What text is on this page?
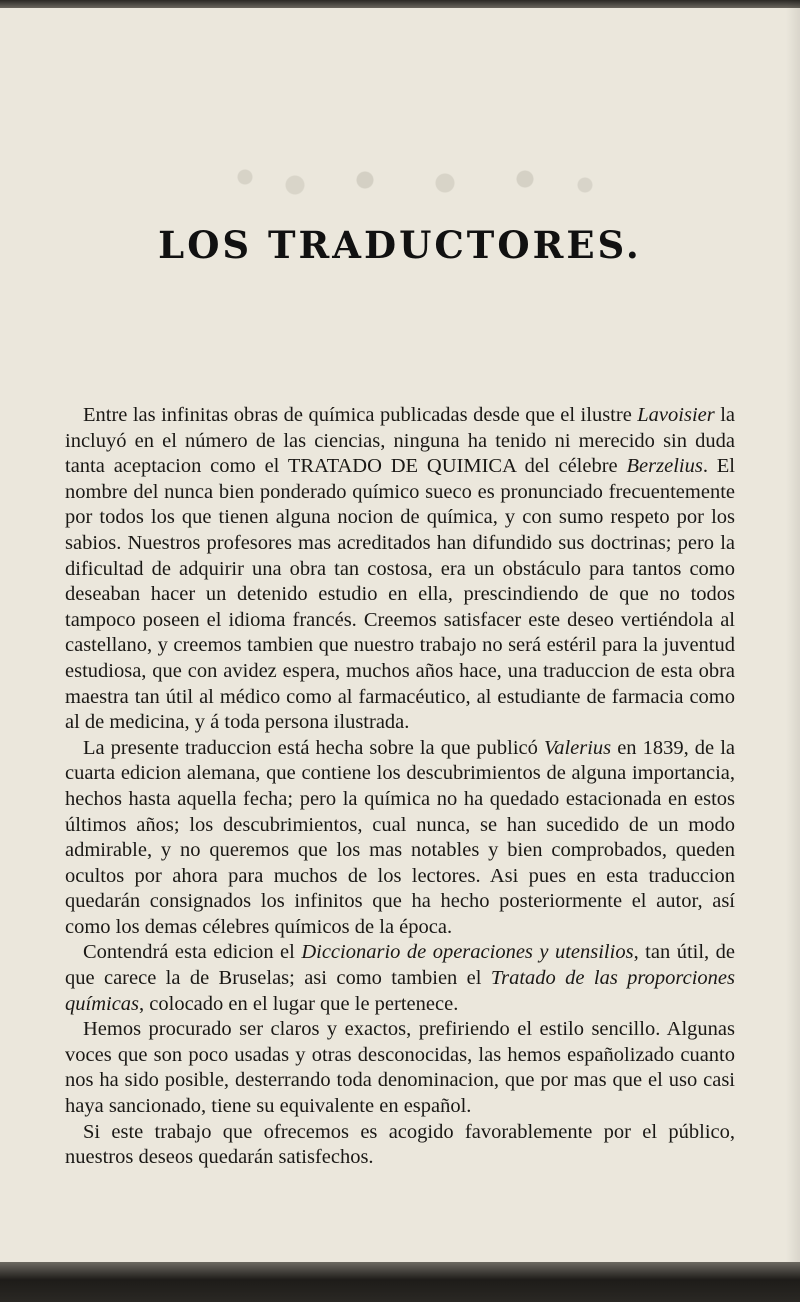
LOS TRADUCTORES.

Entre las infinitas obras de química publicadas desde que el ilustre Lavoisier la incluyó en el número de las ciencias, ninguna ha tenido ni merecido sin duda tanta aceptacion como el TRATADO DE QUIMICA del célebre Berzelius. El nombre del nunca bien ponderado químico sueco es pronunciado frecuentemente por todos los que tienen alguna nocion de química, y con sumo respeto por los sabios. Nuestros profesores mas acreditados han difundido sus doctrinas; pero la dificultad de adquirir una obra tan costosa, era un obstáculo para tantos como deseaban hacer un detenido estudio en ella, prescindiendo de que no todos tampoco poseen el idioma francés. Creemos satisfacer este deseo vertiéndola al castellano, y creemos tambien que nuestro trabajo no será estéril para la juventud estudiosa, que con avidez espera, muchos años hace, una traduccion de esta obra maestra tan útil al médico como al farmacéutico, al estudiante de farmacia como al de medicina, y á toda persona ilustrada.

La presente traduccion está hecha sobre la que publicó Valerius en 1839, de la cuarta edicion alemana, que contiene los descubrimientos de alguna importancia, hechos hasta aquella fecha; pero la química no ha quedado estacionada en estos últimos años; los descubrimientos, cual nunca, se han sucedido de un modo admirable, y no queremos que los mas notables y bien comprobados, queden ocultos por ahora para muchos de los lectores. Asi pues en esta traduccion quedarán consignados los infinitos que ha hecho posteriormente el autor, así como los demas célebres químicos de la época.

Contendrá esta edicion el Diccionario de operaciones y utensilios, tan útil, de que carece la de Bruselas; asi como tambien el Tratado de las proporciones químicas, colocado en el lugar que le pertenece.

Hemos procurado ser claros y exactos, prefiriendo el estilo sencillo. Algunas voces que son poco usadas y otras desconocidas, las hemos españolizado cuanto nos ha sido posible, desterrando toda denominacion, que por mas que el uso casi haya sancionado, tiene su equivalente en español.

Si este trabajo que ofrecemos es acogido favorablemente por el público, nuestros deseos quedarán satisfechos.
